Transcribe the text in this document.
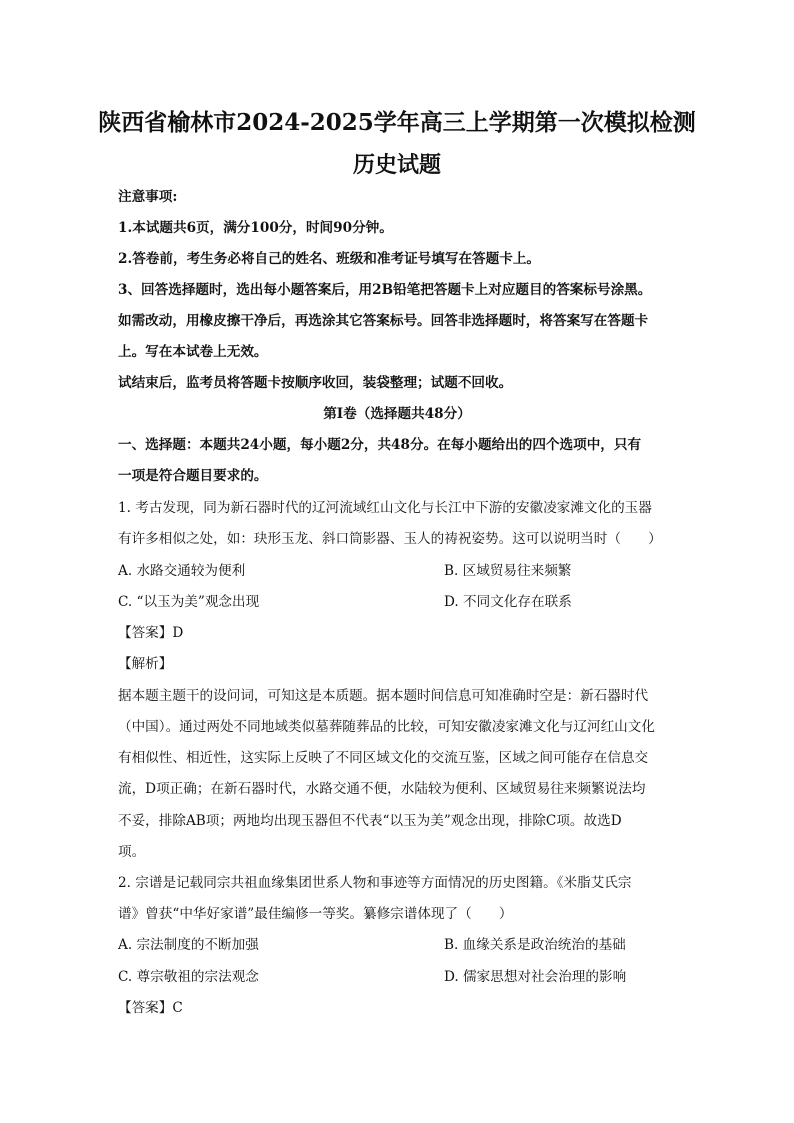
陕西省榆林市2024-2025学年高三上学期第一次模拟检测
历史试题
注意事项:
1.本试题共6页，满分100分，时间90分钟。
2.答卷前，考生务必将自己的姓名、班级和准考证号填写在答题卡上。
3、回答选择题时，选出每小题答案后，用2B铅笔把答题卡上对应题目的答案标号涂黑。
如需改动，用橡皮擦干净后，再选涂其它答案标号。回答非选择题时，将答案写在答题卡
上。写在本试卷上无效。
试结束后，监考员将答题卡按顺序收回，装袋整理；试题不回收。
第Ⅰ卷（选择题共48分）
一、选择题：本题共24小题，每小题2分，共48分。在每小题给出的四个选项中，只有
一项是符合题目要求的。
1. 考古发现，同为新石器时代的辽河流域红山文化与长江中下游的安徽凌家滩文化的玉器
有许多相似之处，如：玦形玉龙、斜口筒影器、玉人的祷祝姿势。这可以说明当时（　　）
A. 水路交通较为便利	B. 区域贸易往来频繁
C. “以玉为美”观念出现	D. 不同文化存在联系
【答案】D
【解析】
据本题主题干的设问词，可知这是本质题。据本题时间信息可知准确时空是：新石器时代
（中国）。通过两处不同地域类似墓葬随葬品的比较，可知安徽凌家滩文化与辽河红山文化
有相似性、相近性，这实际上反映了不同区域文化的交流互鉴，区域之间可能存在信息交
流，D项正确；在新石器时代，水路交通不便，水陆较为便利、区域贸易往来频繁说法均
不妥，排除AB项；两地均出现玉器但不代表“以玉为美”观念出现，排除C项。故选D
项。
2. 宗谱是记载同宗共祖血缘集团世系人物和事迹等方面情况的历史图籍。《米脂艾氏宗
谱》曾获“中华好家谱”最佳编修一等奖。纂修宗谱体现了（　　）
A. 宗法制度的不断加强	B. 血缘关系是政治统治的基础
C. 尊宗敬祖的宗法观念	D. 儒家思想对社会治理的影响
【答案】C
